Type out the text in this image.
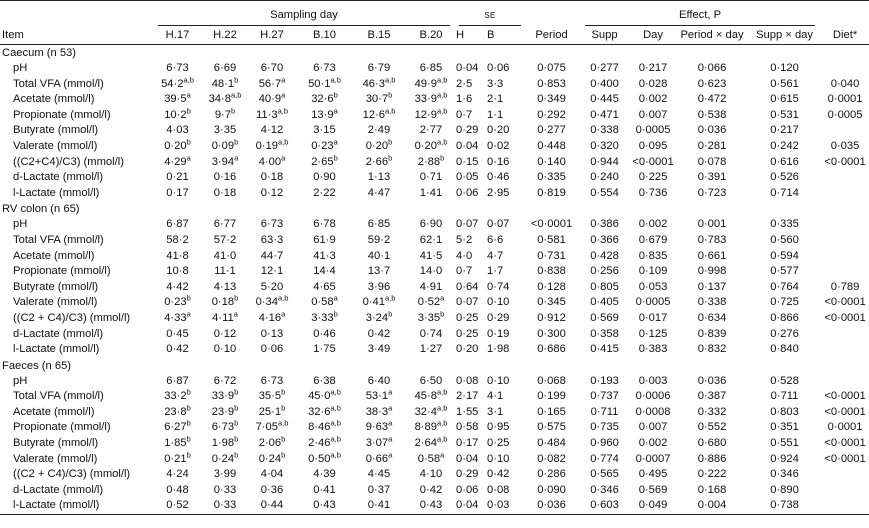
	Sampling day						se			Effect, P				

Item	H.17	H.22	H.27	B.10	B.15	B.20	H	B	Period	Supp	Day	Period × day	Supp × day	Diet*
Caecum (n 53)														
pH	6·73	6·69	6·70	6·73	6·79	6·85	0·04	0·06	0·075	0·277	0·217	0·066	0·120	
Total VFA (mmol/l)	$54\cdot 2^{a,b}$	$48\cdot 1^b$	$56\cdot 7^a$	$50\cdot 1^{a,b}$	$46\cdot 3^{a,b}$	$49\cdot 9^{a,b}$	2·5	3·3	0·853	0·400	0·028	0·623	0·561	0·040
Acetate (mmol/l)	$39\cdot 5^a$	$34\cdot 8^{a,b}$	$40\cdot 9^a$	$32\cdot 6^b$	$30\cdot 7^b$	$33\cdot 9^{a,b}$	1·6	2·1	0·349	0·445	0·002	0·472	0·615	0·0001
Propionate (mmol/l)	$10\cdot 2^b$	$9\cdot 7^b$	$11\cdot 3^{a,b}$	$13\cdot 9^a$	$12\cdot 6^{a,b}$	$12\cdot 9^{a,b}$	0·7	1·1	0·292	0·471	0·007	0·538	0·531	0·0005
Butyrate (mmol/l)	4·03	3·35	4·12	3·15	2·49	2·77	0·29	0·20	0·277	0·338	0·0005	0·036	0·217	
Valerate (mmol/l)	$0\cdot 20^b$	$0\cdot 09^b$	$0\cdot 19^{a,b}$	$0\cdot 23^a$	$0\cdot 20^b$	$0\cdot 20^{a,b}$	0·04	0·02	0·448	0·320	0·095	0·281	0·242	0·035
((C2+C4)/C3) (mmol/l)	$4\cdot 29^a$	$3\cdot 94^a$	$4\cdot 00^a$	$2\cdot 65^b$	$2\cdot 66^b$	$2\cdot 88^b$	0·15	0·16	0·140	0·944	<0·0001	0·078	0·616	<0·0001
d-Lactate (mmol/l)	0·21	0·16	0·18	0·90	1·13	0·71	0·05	0·46	0·335	0·240	0·225	0·391	0·526	
l-Lactate (mmol/l)	0·17	0·18	0·12	2·22	4·47	1·41	0·06	2·95	0·819	0·554	0·736	0·723	0·714	
RV colon (n 65)														
pH	6·87	6·77	6·73	6·78	6·85	6·90	0·07	0·07	<0·0001	0·386	0·002	0·001	0·335	
Total VFA (mmol/l)	58·2	57·2	63·3	61·9	59·2	62·1	5·2	6·6	0·581	0·366	0·679	0·783	0·560	
Acetate (mmol/l)	41·8	41·0	44·7	41·3	40·1	41·5	4·0	4·7	0·731	0·428	0·835	0·661	0·594	
Propionate (mmol/l)	10·8	11·1	12·1	14·4	13·7	14·0	0·7	1·7	0·838	0·256	0·109	0·998	0·577	
Butyrate (mmol/l)	4·42	4·13	5·20	4·65	3·96	4·91	0·64	0·74	0·128	0·805	0·053	0·137	0·764	0·789
Valerate (mmol/l)	$0\cdot 23^b$	$0\cdot 18^b$	$0\cdot 34^{a,b}$	$0\cdot 58^a$	$0\cdot 41^{a,b}$	$0\cdot 52^a$	0·07	0·10	0·345	0·405	0·0005	0·338	0·725	<0·0001
((C2 + C4)/C3) (mmol/l)	$4\cdot 33^a$	$4\cdot 11^a$	$4\cdot 16^a$	$3\cdot 33^b$	$3\cdot 24^b$	$3\cdot 35^b$	0·25	0·29	0·912	0·569	0·017	0·634	0·866	<0·0001
d-Lactate (mmol/l)	0·45	0·12	0·13	0·46	0·42	0·74	0·25	0·19	0·300	0·358	0·125	0·839	0·276	
l-Lactate (mmol/l)	0·42	0·10	0·06	1·75	3·49	1·27	0·20	1·98	0·686	0·415	0·383	0·832	0·840	
Faeces (n 65)														
pH	6·87	6·72	6·73	6·38	6·40	6·50	0·08	0·10	0·068	0·193	0·003	0·036	0·528	
Total VFA (mmol/l)	$33\cdot 2^b$	$33\cdot 9^b$	$35\cdot 5^b$	$45\cdot 0^{a,b}$	$53\cdot 1^a$	$45\cdot 8^{a,b}$	2·17	4·1	0·199	0·737	0·0006	0·387	0·711	<0·0001
Acetate (mmol/l)	$23\cdot 8^b$	$23\cdot 9^b$	$25\cdot 1^b$	$32\cdot 6^{a,b}$	$38\cdot 3^a$	$32\cdot 4^{a,b}$	1·55	3·1	0·165	0·711	0·0008	0·332	0·803	<0·0001
Propionate (mmol/l)	$6\cdot 27^b$	$6\cdot 73^b$	$7\cdot 05^{a,b}$	$8\cdot 46^{a,b}$	$9\cdot 63^a$	$8\cdot 89^{a,b}$	0·58	0·95	0·575	0·735	0·007	0·552	0·351	0·0001
Butyrate (mmol/l)	$1\cdot 85^b$	$1\cdot 98^b$	$2\cdot 06^b$	$2\cdot 46^{a,b}$	$3\cdot 07^a$	$2\cdot 64^{a,b}$	0·17	0·25	0·484	0·960	0·002	0·680	0·551	<0·0001
Valerate (mmol/l)	$0\cdot 21^b$	$0\cdot 24^b$	$0\cdot 24^b$	$0\cdot 50^{a,b}$	$0\cdot 66^a$	$0\cdot 58^a$	0·04	0·10	0·082	0·774	0·0007	0·886	0·924	<0·0001
((C2 + C4)/C3) (mmol/l)	4·24	3·99	4·04	4·39	4·45	4·10	0·29	0·42	0·286	0·565	0·495	0·222	0·346	
d-Lactate (mmol/l)	0·48	0·33	0·36	0·41	0·37	0·42	0·06	0·08	0·090	0·346	0·569	0·168	0·890	
l-Lactate (mmol/l)	0·52	0·33	0·44	0·43	0·41	0·43	0·04	0·03	0·036	0·603	0·049	0·004	0·738	
